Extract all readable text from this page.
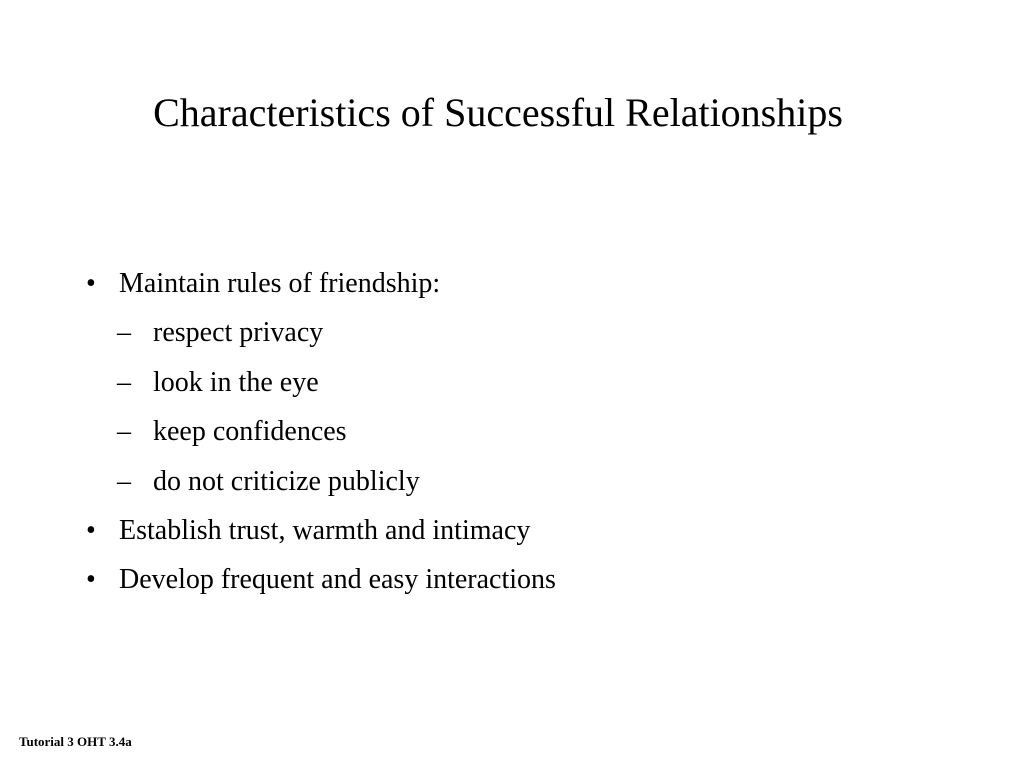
Characteristics of Successful Relationships
• Maintain rules of friendship:
– respect privacy
– look in the eye
– keep confidences
– do not criticize publicly
• Establish trust, warmth and intimacy
• Develop frequent and easy interactions
Tutorial 3 OHT 3.4a
